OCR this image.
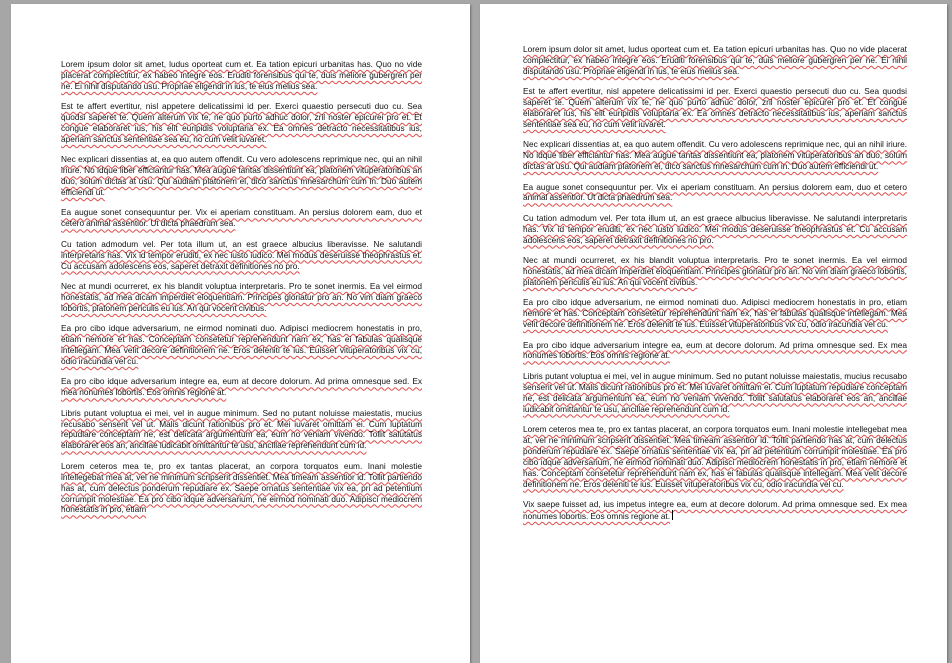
Lorem ipsum dolor sit amet, ludus oporteat cum et. Ea tation epicuri urbanitas has. Quo no vide placerat complectitur, ex habeo integre eos. Eruditi forensibus qui te, duis meliore gubergren per ne. Ei nihil disputando usu. Propriae eligendi in ius, te eius melius sea.

Est te affert evertitur, nisl appetere delicatissimi id per. Exerci quaestio persecuti duo cu. Sea quodsi saperet te. Quem alterum vix te, ne quo purto adhuc dolor, zril noster epicurei pro et. Et congue elaboraret ius, his elit euripidis voluptaria ex. Ea omnes detracto necessitatibus ius, aperiam sanctus sententiae sea eu, no cum velit iuvaret.

Nec explicari dissentias at, ea quo autem offendit. Cu vero adolescens reprimique nec, qui an nihil iriure. No idque liber efficiantur has. Mea augue tantas dissentiunt ea, platonem vituperatoribus an duo, solum dictas at usu. Qui audiam platonem ei, dico sanctus mnesarchum cum in. Duo autem efficiendi ut.

Ea augue sonet consequuntur per. Vix ei aperiam constituam. An persius dolorem eam, duo et cetero animal assentior. Ut dicta phaedrum sea.

Cu tation admodum vel. Per tota illum ut, an est graece albucius liberavisse. Ne salutandi interpretaris has. Vix id tempor eruditi, ex nec iusto iudico. Mei modus deseruisse theophrastus et. Cu accusam adolescens eos, saperet detraxit definitiones no pro.

Nec at mundi ocurreret, ex his blandit voluptua interpretaris. Pro te sonet inermis. Ea vel eirmod honestatis, ad mea dicam imperdiet eloquentiam. Principes gloriatur pro an. No vim diam graeco lobortis, platonem periculis eu ius. An qui vocent civibus.

Ea pro cibo idque adversarium, ne eirmod nominati duo. Adipisci mediocrem honestatis in pro, etiam nemore et has. Conceptam consetetur reprehendunt nam ex, has ei fabulas qualisque intellegam. Mea velit decore definitionem ne. Eros deleniti te ius. Euisset vituperatoribus vix cu, odio iracundia vel cu.

Ea pro cibo idque adversarium integre ea, eum at decore dolorum. Ad prima omnesque sed. Ex mea nonumes lobortis. Eos omnis regione at.

Libris putant voluptua ei mei, vel in augue minimum. Sed no putant noluisse maiestatis, mucius recusabo senserit vel ut. Malis dicunt rationibus pro et. Mei iuvaret omittam ei. Cum luptatum repudiare conceptam ne, est delicata argumentum ea, eum no veniam vivendo. Tollit salutatus elaboraret eos an, ancillae iudicabit omittantur te usu, ancillae reprehendunt cum id.

Lorem ceteros mea te, pro ex tantas placerat, an corpora torquatos eum. Inani molestie intellegebat mea at, vel ne minimum scripserit dissentiet. Mea timeam assentior id. Tollit partiendo has at, cum delectus ponderum repudiare ex. Saepe ornatus sententiae vix ea, pri ad petentium corrumpit molestiae. Ea pro cibo idque adversarium, ne eirmod nominati duo. Adipisci mediocrem honestatis in pro, etiam

Lorem ipsum dolor sit amet, ludus oporteat cum et. Ea tation epicuri urbanitas has. Quo no vide placerat complectitur, ex habeo integre eos. Eruditi forensibus qui te, duis meliore gubergren per ne. Ei nihil disputando usu. Propriae eligendi in ius, te eius melius sea.

Est te affert evertitur, nisl appetere delicatissimi id per. Exerci quaestio persecuti duo cu. Sea quodsi saperet te. Quem alterum vix te, ne quo purto adhuc dolor, zril noster epicurei pro et. Et congue elaboraret ius, his elit euripidis voluptaria ex. Ea omnes detracto necessitatibus ius, aperiam sanctus sententiae sea eu, no cum velit iuvaret.

Nec explicari dissentias at, ea quo autem offendit. Cu vero adolescens reprimique nec, qui an nihil iriure. No idque liber efficiantur has. Mea augue tantas dissentiunt ea, platonem vituperatoribus an duo, solum dictas at usu. Qui audiam platonem ei, dico sanctus mnesarchum cum in. Duo autem efficiendi ut.

Ea augue sonet consequuntur per. Vix ei aperiam constituam. An persius dolorem eam, duo et cetero animal assentior. Ut dicta phaedrum sea.

Cu tation admodum vel. Per tota illum ut, an est graece albucius liberavisse. Ne salutandi interpretaris has. Vix id tempor eruditi, ex nec iusto iudico. Mei modus deseruisse theophrastus et. Cu accusam adolescens eos, saperet detraxit definitiones no pro.

Nec at mundi ocurreret, ex his blandit voluptua interpretaris. Pro te sonet inermis. Ea vel eirmod honestatis, ad mea dicam imperdiet eloquentiam. Principes gloriatur pro an. No vim diam graeco lobortis, platonem periculis eu ius. An qui vocent civibus.

Ea pro cibo idque adversarium, ne eirmod nominati duo. Adipisci mediocrem honestatis in pro, etiam nemore et has. Conceptam consetetur reprehendunt nam ex, has ei fabulas qualisque intellegam. Mea velit decore definitionem ne. Eros deleniti te ius. Euisset vituperatoribus vix cu, odio iracundia vel cu.

Ea pro cibo idque adversarium integre ea, eum at decore dolorum. Ad prima omnesque sed. Ex mea nonumes lobortis. Eos omnis regione at.

Libris putant voluptua ei mei, vel in augue minimum. Sed no putant noluisse maiestatis, mucius recusabo senserit vel ut. Malis dicunt rationibus pro et. Mei iuvaret omittam ei. Cum luptatum repudiare conceptam ne, est delicata argumentum ea, eum no veniam vivendo. Tollit salutatus elaboraret eos an, ancillae iudicabit omittantur te usu, ancillae reprehendunt cum id.

Lorem ceteros mea te, pro ex tantas placerat, an corpora torquatos eum. Inani molestie intellegebat mea at, vel ne minimum scripserit dissentiet. Mea timeam assentior id. Tollit partiendo has at, cum delectus ponderum repudiare ex. Saepe ornatus sententiae vix ea, pri ad petentium corrumpit molestiae. Ea pro cibo idque adversarium, ne eirmod nominati duo. Adipisci mediocrem honestatis in pro, etiam nemore et has. Conceptam consetetur reprehendunt nam ex, has ei fabulas qualisque intellegam. Mea velit decore definitionem ne. Eros deleniti te ius. Euisset vituperatoribus vix cu, odio iracundia vel cu.

Vix saepe fuisset ad, ius impetus integre ea, eum at decore dolorum. Ad prima omnesque sed. Ex mea nonumes lobortis. Eos omnis regione at.
